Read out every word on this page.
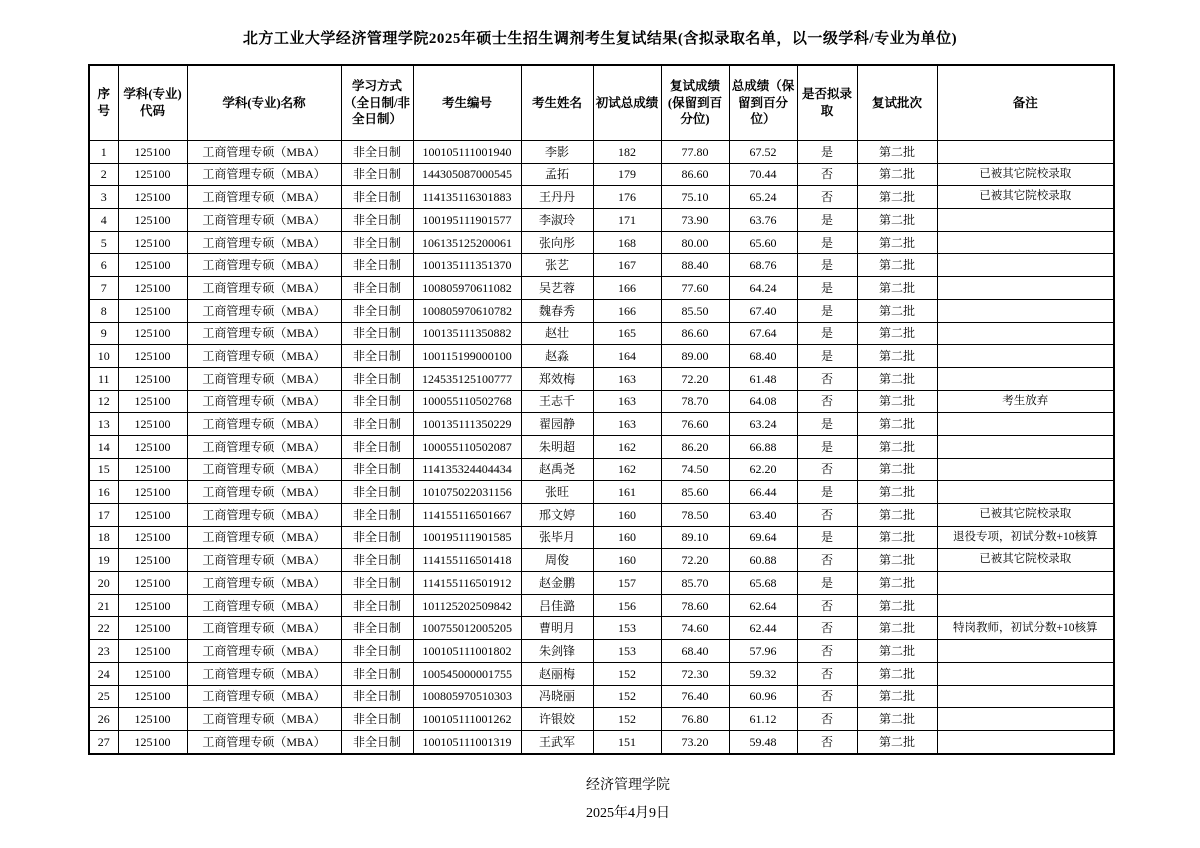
北方工业大学经济管理学院2025年硕士生招生调剂考生复试结果(含拟录取名单，以一级学科/专业为单位)
序号	学科(专业)代码	学科(专业)名称	学习方式（全日制/非全日制）	考生编号	考生姓名	初试总成绩	复试成绩(保留到百分位)	总成绩（保留到百分位）	是否拟录取	复试批次	备注
1	125100	工商管理专硕（MBA）	非全日制	100105111001940	李影	182	77.80	67.52	是	第二批	
2	125100	工商管理专硕（MBA）	非全日制	144305087000545	孟拓	179	86.60	70.44	否	第二批	已被其它院校录取
3	125100	工商管理专硕（MBA）	非全日制	114135116301883	王丹丹	176	75.10	65.24	否	第二批	已被其它院校录取
4	125100	工商管理专硕（MBA）	非全日制	100195111901577	李淑玲	171	73.90	63.76	是	第二批	
5	125100	工商管理专硕（MBA）	非全日制	106135125200061	张向彤	168	80.00	65.60	是	第二批	
6	125100	工商管理专硕（MBA）	非全日制	100135111351370	张艺	167	88.40	68.76	是	第二批	
7	125100	工商管理专硕（MBA）	非全日制	100805970611082	吴艺蓉	166	77.60	64.24	是	第二批	
8	125100	工商管理专硕（MBA）	非全日制	100805970610782	魏春秀	166	85.50	67.40	是	第二批	
9	125100	工商管理专硕（MBA）	非全日制	100135111350882	赵壮	165	86.60	67.64	是	第二批	
10	125100	工商管理专硕（MBA）	非全日制	100115199000100	赵淼	164	89.00	68.40	是	第二批	
11	125100	工商管理专硕（MBA）	非全日制	124535125100777	郑效梅	163	72.20	61.48	否	第二批	
12	125100	工商管理专硕（MBA）	非全日制	100055110502768	王志千	163	78.70	64.08	否	第二批	考生放弃
13	125100	工商管理专硕（MBA）	非全日制	100135111350229	翟园静	163	76.60	63.24	是	第二批	
14	125100	工商管理专硕（MBA）	非全日制	100055110502087	朱明超	162	86.20	66.88	是	第二批	
15	125100	工商管理专硕（MBA）	非全日制	114135324404434	赵禹尧	162	74.50	62.20	否	第二批	
16	125100	工商管理专硕（MBA）	非全日制	101075022031156	张旺	161	85.60	66.44	是	第二批	
17	125100	工商管理专硕（MBA）	非全日制	114155116501667	邢文婷	160	78.50	63.40	否	第二批	已被其它院校录取
18	125100	工商管理专硕（MBA）	非全日制	100195111901585	张毕月	160	89.10	69.64	是	第二批	退役专项，初试分数+10核算
19	125100	工商管理专硕（MBA）	非全日制	114155116501418	周俊	160	72.20	60.88	否	第二批	已被其它院校录取
20	125100	工商管理专硕（MBA）	非全日制	114155116501912	赵金鹏	157	85.70	65.68	是	第二批	
21	125100	工商管理专硕（MBA）	非全日制	101125202509842	吕佳潞	156	78.60	62.64	否	第二批	
22	125100	工商管理专硕（MBA）	非全日制	100755012005205	曹明月	153	74.60	62.44	否	第二批	特岗教师，初试分数+10核算
23	125100	工商管理专硕（MBA）	非全日制	100105111001802	朱剑锋	153	68.40	57.96	否	第二批	
24	125100	工商管理专硕（MBA）	非全日制	100545000001755	赵丽梅	152	72.30	59.32	否	第二批	
25	125100	工商管理专硕（MBA）	非全日制	100805970510303	冯晓丽	152	76.40	60.96	否	第二批	
26	125100	工商管理专硕（MBA）	非全日制	100105111001262	许银姣	152	76.80	61.12	否	第二批	
27	125100	工商管理专硕（MBA）	非全日制	100105111001319	王武军	151	73.20	59.48	否	第二批	
经济管理学院
2025年4月9日
